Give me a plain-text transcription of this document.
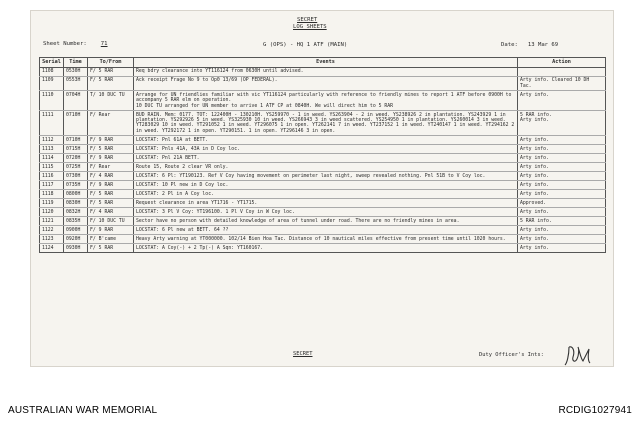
SECRET
LOG SHEETS
Sheet Number:	71	G (OPS) - HQ 1 ATF (MAIN)	Date: 13 Mar 69
Serial	Time	To/From	Events	Action
1108	0530H	F/ 5 RAR	Req bdry clearance into YT116124 from 0630H until advised.	
1109	0553H	F/ 5 RAR	Ack receipt Frage No 9 to Op0 13/69 (OP FEDERAL).	Arty info. Cleared 10 DH Tac.
1110	0704H	T/ 10 DUC TU	Arrange for UN friendlies familiar with vic YT116124 particularly with reference to friendly mines to report 1 ATF before 0900H to accompany 5 RAR elm on operation.
10 DUC TU arranged for UN member to arrive 1 ATF CP at 0840H. We will direct him to 5 RAR	Arty info.
1111	0710H	F/ Rear	BUD RAIN. Mem: 0177. TOT: 122400H - 130210H. YS259970 - 1 in weed. YS263904 - 2 in weed. YS238926 2 in plantation. YS243929 1 in plantation. YS292926 5 in weed. YS325930 10 in weed. YS266943 3 in weed scattered. YS254950 1 in plantation. YS260014 3 in weed. YT283029 10 in weed. YT291052 1 in weed. YT296075 1 in open. YT262141 7 in weed. YT237152 1 in weed. YT240147 1 in weed. YT294162 2 in weed. YT292172 1 in open. YT290151. 1 in open. YT296146 3 in open.	5 RAR info.
Arty info.
1112	0710H	F/ 9 RAR	LOCSTAT: Pnl 61A at BETT.	Arty info.
1113	0715H	F/ 5 RAR	LOCSTAT: Pnls 41A, 43A in D Coy loc.	Arty info.
1114	0720H	F/ 9 RAR	LOCSTAT: Pnl 21A BETT.	Arty info.
1115	0725H	F/ Rear	Route 15, Route 2 clear VR only.	Arty info.
1116	0730H	F/ 4 RAR	LOCSTAT: 6 Pl: YT190123. Ref V Coy having movement on perimeter last night, sweep revealed nothing. Pnl 51B to V Coy loc.	Arty info.
1117	0735H	F/ 9 RAR	LOCSTAT: 10 Pl new in D Coy loc.	Arty info.
1118	0800H	F/ 5 RAR	LOCSTAT: 2 Pl in A Coy loc.	Arty info.
1119	0830H	F/ 5 RAR	Request clearance in area YT1716 - YT1715.	Approved.
1120	0832H	F/ 4 RAR	LOCSTAT: 3 Pl V Coy: YT196100. 1 Pl V Coy in W Coy loc.	Arty info.
1121	0835H	F/ 10 DUC TU	Sector have no person with detailed knowledge of area of tunnel under road. There are no friendly mines in area.	5 RAR info.
1122	0900H	F/ 9 RAR	LOCSTAT: 6 Pl new at BETT. 64 ??	Arty info.
1123	0920H	F/ B'came	Heavy Arty warning at YT000000. 102/14 Bien Hoa Tac. Distance of 10 nautical miles effective from present time until 1020 hours.	Arty info.
1124	0930H	F/ 5 RAR	LOCSTAT: A Coy(-) + 2 Tp(-) A Sqn: YT160167.	Arty info.
SECRET	Duty Officer's Ints:
AUSTRALIAN WAR MEMORIAL	RCDIG1027941
